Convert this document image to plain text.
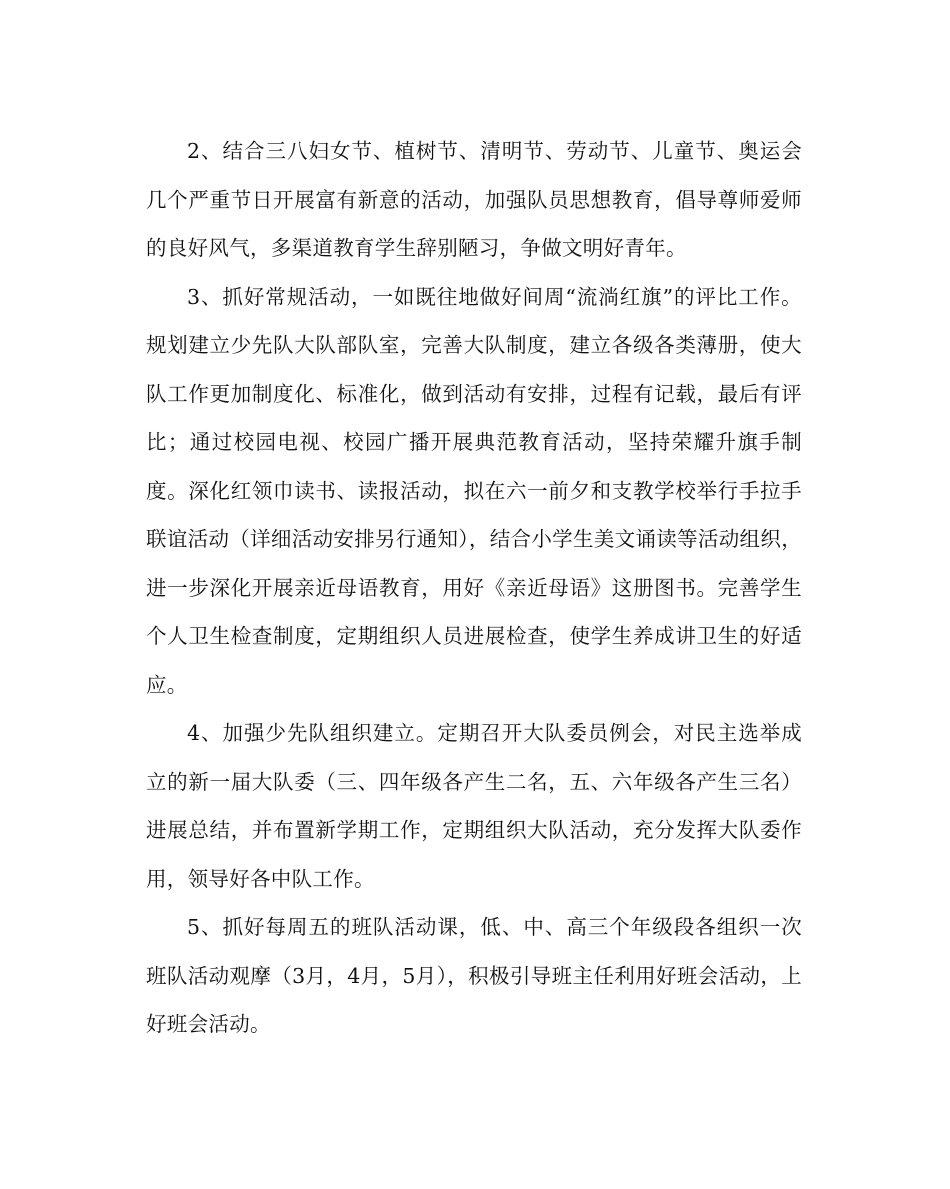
2、结合三八妇女节、植树节、清明节、劳动节、儿童节、奥运会几个严重节日开展富有新意的活动，加强队员思想教育，倡导尊师爱师的良好风气，多渠道教育学生辞别陋习，争做文明好青年。

3、抓好常规活动，一如既往地做好间周“流淌红旗”的评比工作。规划建立少先队大队部队室，完善大队制度，建立各级各类薄册，使大队工作更加制度化、标准化，做到活动有安排，过程有记载，最后有评比；通过校园电视、校园广播开展典范教育活动，坚持荣耀升旗手制度。深化红领巾读书、读报活动，拟在六一前夕和支教学校举行手拉手联谊活动（详细活动安排另行通知），结合小学生美文诵读等活动组织，进一步深化开展亲近母语教育，用好《亲近母语》这册图书。完善学生个人卫生检查制度，定期组织人员进展检查，使学生养成讲卫生的好适应。

4、加强少先队组织建立。定期召开大队委员例会，对民主选举成立的新一届大队委（三、四年级各产生二名，五、六年级各产生三名）进展总结，并布置新学期工作，定期组织大队活动，充分发挥大队委作用，领导好各中队工作。

5、抓好每周五的班队活动课，低、中、高三个年级段各组织一次班队活动观摩（3月，4月，5月），积极引导班主任利用好班会活动，上好班会活动。
